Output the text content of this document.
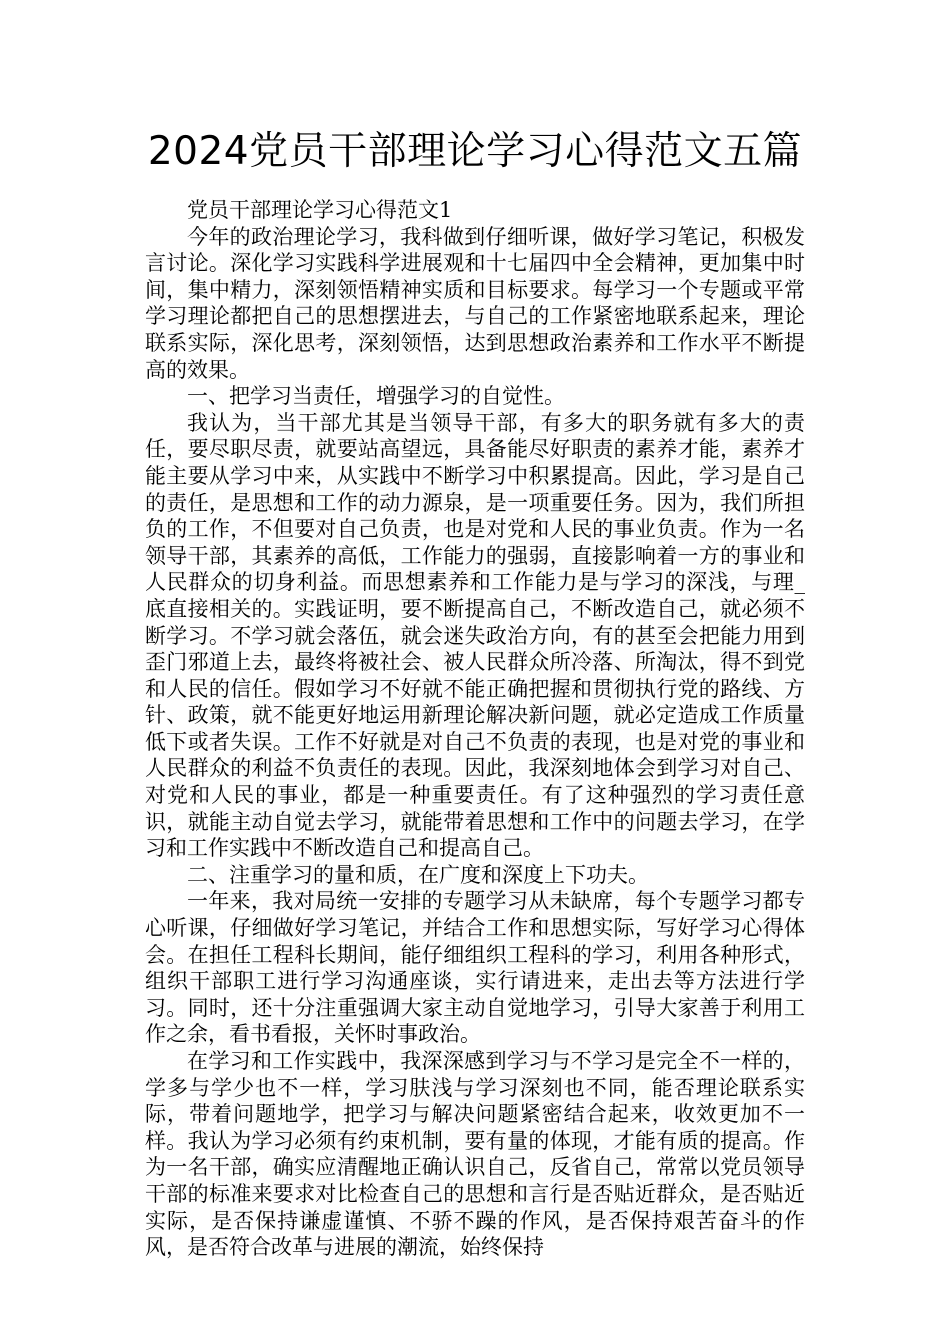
2024党员干部理论学习心得范文五篇

党员干部理论学习心得范文1

今年的政治理论学习，我科做到仔细听课，做好学习笔记，积极发言讨论。深化学习实践科学进展观和十七届四中全会精神，更加集中时间，集中精力，深刻领悟精神实质和目标要求。每学习一个专题或平常学习理论都把自己的思想摆进去，与自己的工作紧密地联系起来，理论联系实际，深化思考，深刻领悟，达到思想政治素养和工作水平不断提高的效果。

一、把学习当责任，增强学习的自觉性。

我认为，当干部尤其是当领导干部，有多大的职务就有多大的责任，要尽职尽责，就要站高望远，具备能尽好职责的素养才能，素养才能主要从学习中来，从实践中不断学习中积累提高。因此，学习是自己的责任，是思想和工作的动力源泉，是一项重要任务。因为，我们所担负的工作，不但要对自己负责，也是对党和人民的事业负责。作为一名领导干部，其素养的高低，工作能力的强弱，直接影响着一方的事业和人民群众的切身利益。而思想素养和工作能力是与学习的深浅，与理_底直接相关的。实践证明，要不断提高自己，不断改造自己，就必须不断学习。不学习就会落伍，就会迷失政治方向，有的甚至会把能力用到歪门邪道上去，最终将被社会、被人民群众所冷落、所淘汰，得不到党和人民的信任。假如学习不好就不能正确把握和贯彻执行党的路线、方针、政策，就不能更好地运用新理论解决新问题，就必定造成工作质量低下或者失误。工作不好就是对自己不负责的表现，也是对党的事业和人民群众的利益不负责任的表现。因此，我深刻地体会到学习对自己、对党和人民的事业，都是一种重要责任。有了这种强烈的学习责任意识，就能主动自觉去学习，就能带着思想和工作中的问题去学习，在学习和工作实践中不断改造自己和提高自己。

二、注重学习的量和质，在广度和深度上下功夫。

一年来，我对局统一安排的专题学习从未缺席，每个专题学习都专心听课，仔细做好学习笔记，并结合工作和思想实际，写好学习心得体会。在担任工程科长期间，能仔细组织工程科的学习，利用各种形式，组织干部职工进行学习沟通座谈，实行请进来，走出去等方法进行学习。同时，还十分注重强调大家主动自觉地学习，引导大家善于利用工作之余，看书看报，关怀时事政治。

在学习和工作实践中，我深深感到学习与不学习是完全不一样的，学多与学少也不一样，学习肤浅与学习深刻也不同，能否理论联系实际，带着问题地学，把学习与解决问题紧密结合起来，收效更加不一样。我认为学习必须有约束机制，要有量的体现，才能有质的提高。作为一名干部，确实应清醒地正确认识自己，反省自己，常常以党员领导干部的标准来要求对比检查自己的思想和言行是否贴近群众，是否贴近实际，是否保持谦虚谨慎、不骄不躁的作风，是否保持艰苦奋斗的作风，是否符合改革与进展的潮流，始终保持
